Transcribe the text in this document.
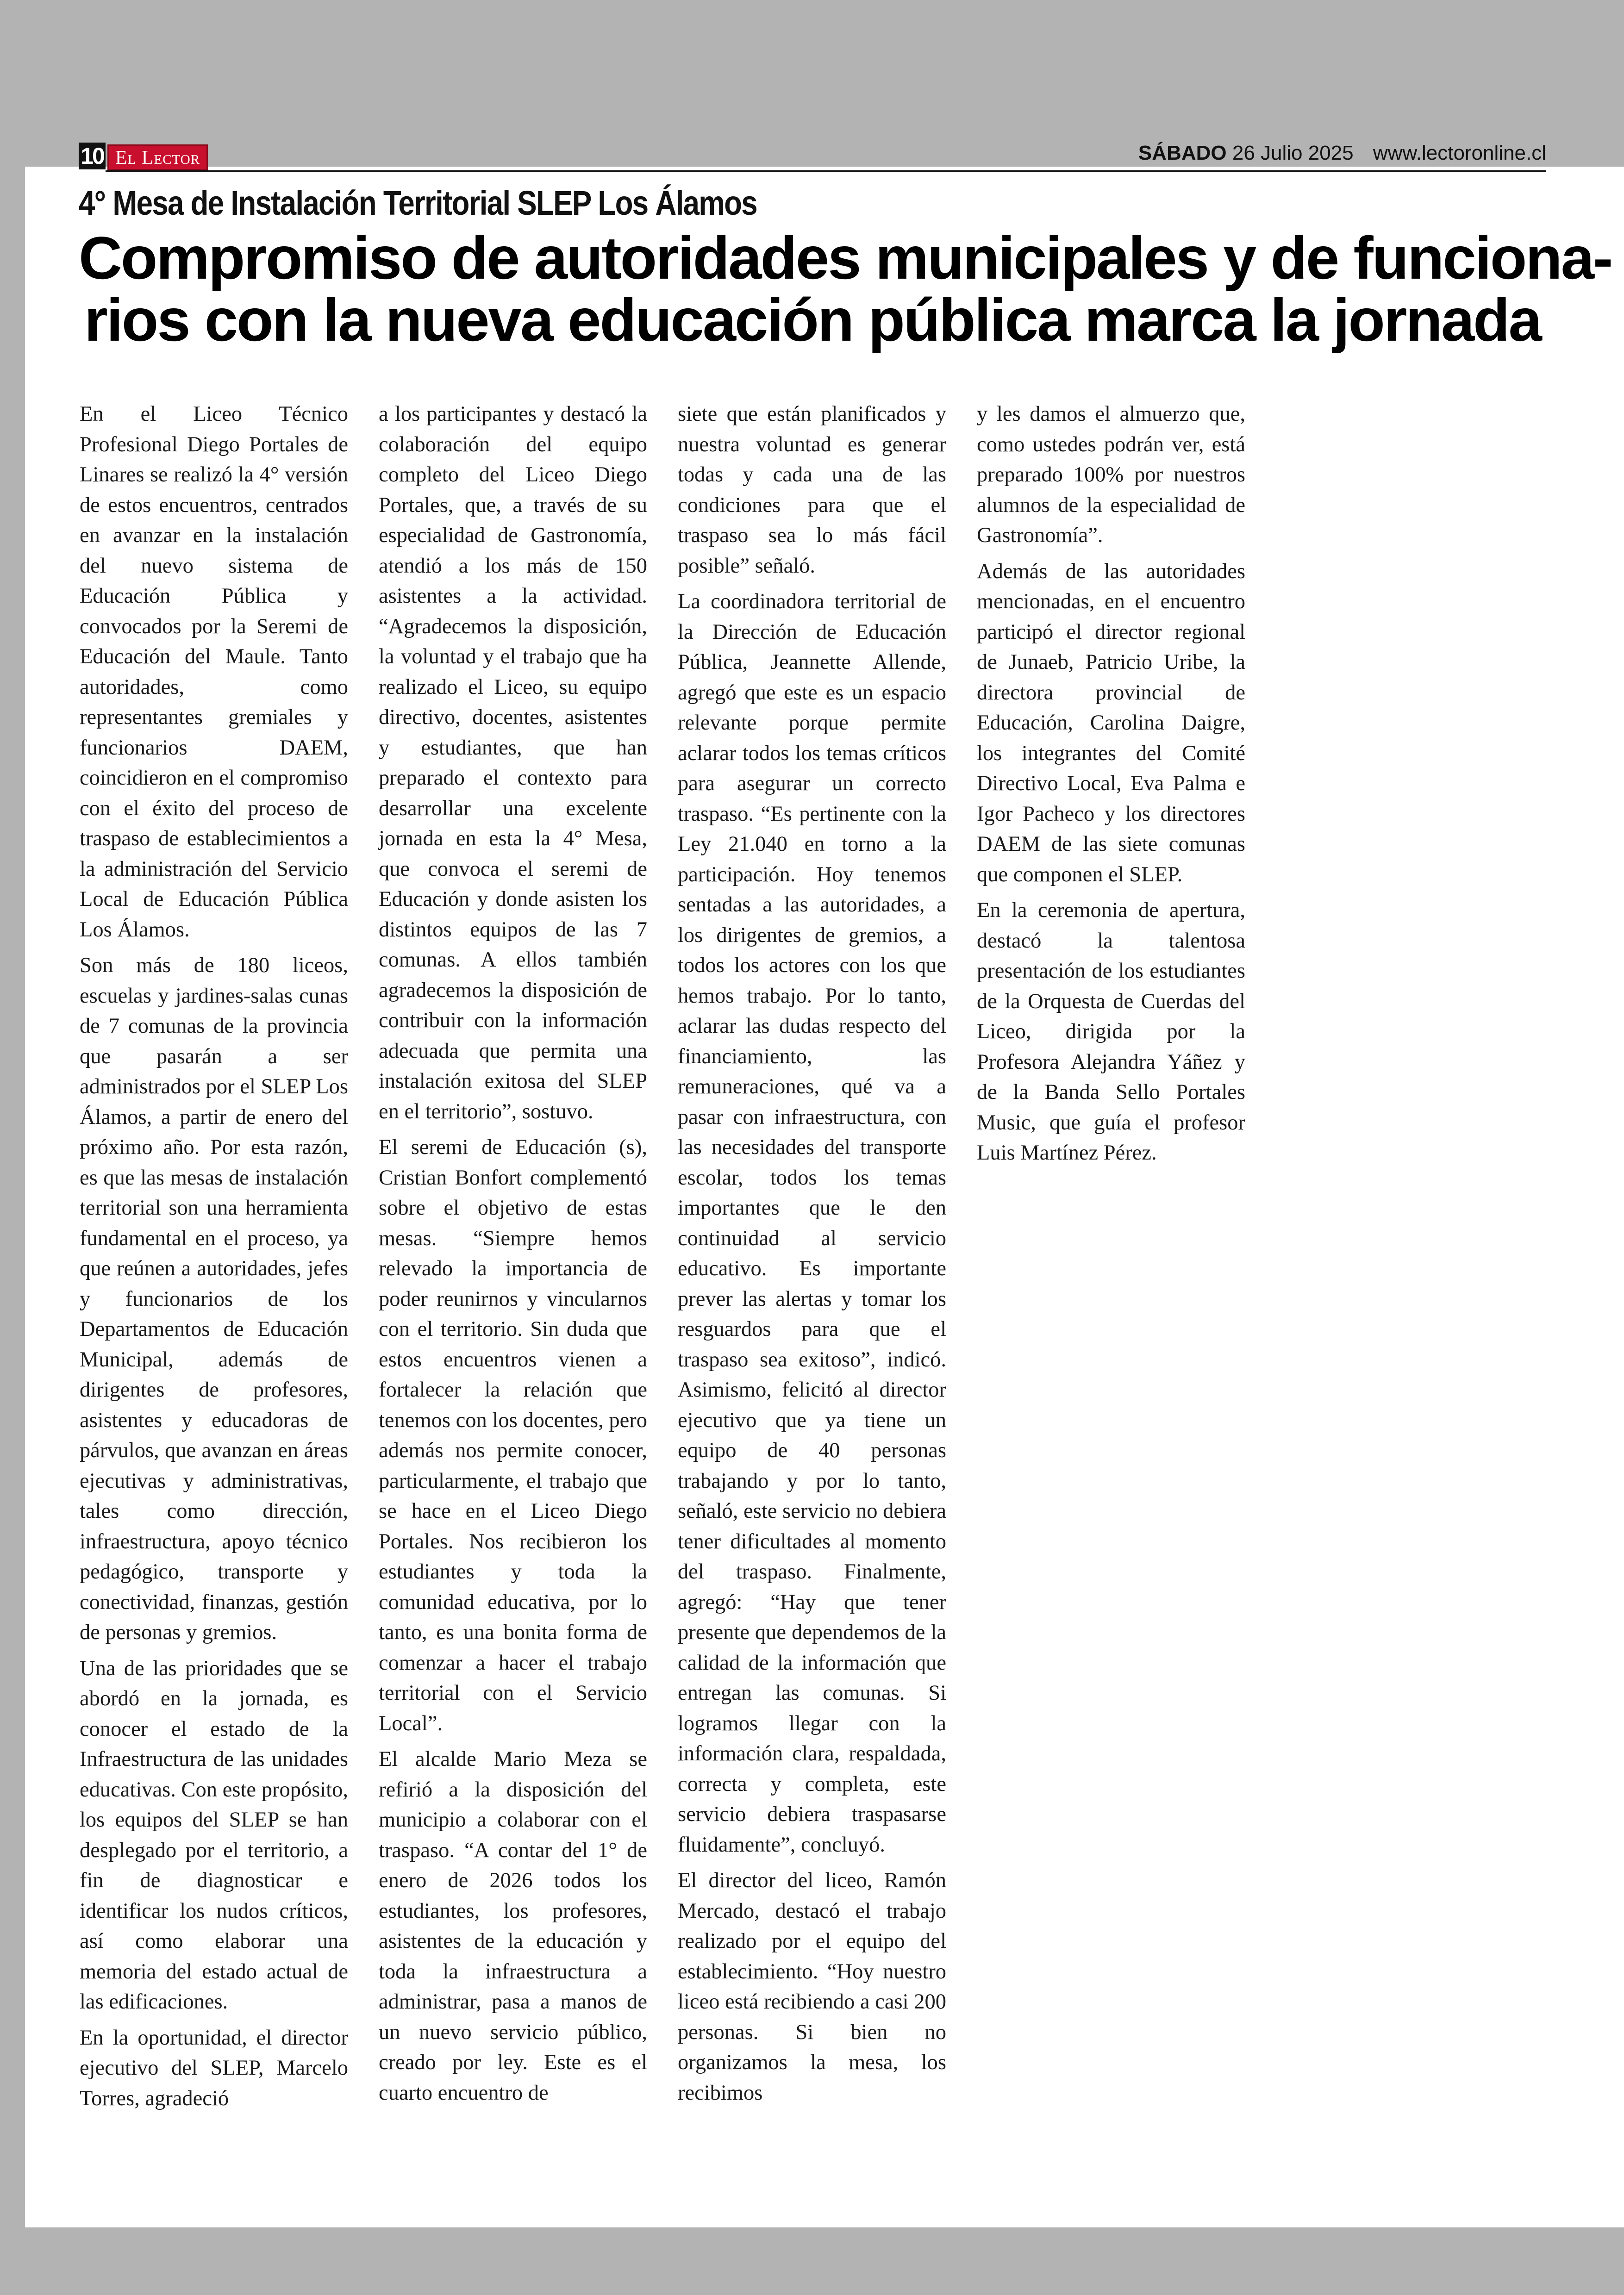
10 El Lector	SÁBADO 26 Julio 2025 www.lectoronline.cl
4° Mesa de Instalación Territorial SLEP Los Álamos
Compromiso de autoridades municipales y de funciona-
rios con la nueva educación pública marca la jornada

En el Liceo Técnico Profesional Diego Portales de Linares se realizó la 4° versión de estos encuentros, centrados en avanzar en la instalación del nuevo sistema de Educación Pública y convocados por la Seremi de Educación del Maule. Tanto autoridades, como representantes gremiales y funcionarios DAEM, coincidieron en el compromiso con el éxito del proceso de traspaso de establecimientos a la administración del Servicio Local de Educación Pública Los Álamos.

Son más de 180 liceos, escuelas y jardines-salas cunas de 7 comunas de la provincia que pasarán a ser administrados por el SLEP Los Álamos, a partir de enero del próximo año. Por esta razón, es que las mesas de instalación territorial son una herramienta fundamental en el proceso, ya que reúnen a autoridades, jefes y funcionarios de los Departamentos de Educación Municipal, además de dirigentes de profesores, asistentes y educadoras de párvulos, que avanzan en áreas ejecutivas y administrativas, tales como dirección, infraestructura, apoyo técnico pedagógico, transporte y conectividad, finanzas, gestión de personas y gremios.

Una de las prioridades que se abordó en la jornada, es conocer el estado de la Infraestructura de las unidades educativas. Con este propósito, los equipos del SLEP se han desplegado por el territorio, a fin de diagnosticar e identificar los nudos críticos, así como elaborar una memoria del estado actual de las edificaciones.

En la oportunidad, el director ejecutivo del SLEP, Marcelo Torres, agradeció

a los participantes y destacó la colaboración del equipo completo del Liceo Diego Portales, que, a través de su especialidad de Gastronomía, atendió a los más de 150 asistentes a la actividad. “Agradecemos la disposición, la voluntad y el trabajo que ha realizado el Liceo, su equipo directivo, docentes, asistentes y estudiantes, que han preparado el contexto para desarrollar una excelente jornada en esta la 4° Mesa, que convoca el seremi de Educación y donde asisten los distintos equipos de las 7 comunas. A ellos también agradecemos la disposición de contribuir con la información adecuada que permita una instalación exitosa del SLEP en el territorio”, sostuvo.

El seremi de Educación (s), Cristian Bonfort complementó sobre el objetivo de estas mesas. “Siempre hemos relevado la importancia de poder reunirnos y vincularnos con el territorio. Sin duda que estos encuentros vienen a fortalecer la relación que tenemos con los docentes, pero además nos permite conocer, particularmente, el trabajo que se hace en el Liceo Diego Portales. Nos recibieron los estudiantes y toda la comunidad educativa, por lo tanto, es una bonita forma de comenzar a hacer el trabajo territorial con el Servicio Local”.

El alcalde Mario Meza se refirió a la disposición del municipio a colaborar con el traspaso. “A contar del 1° de enero de 2026 todos los estudiantes, los profesores, asistentes de la educación y toda la infraestructura a administrar, pasa a manos de un nuevo servicio público, creado por ley. Este es el cuarto encuentro de

siete que están planificados y nuestra voluntad es generar todas y cada una de las condiciones para que el traspaso sea lo más fácil posible” señaló.

La coordinadora territorial de la Dirección de Educación Pública, Jeannette Allende, agregó que este es un espacio relevante porque permite aclarar todos los temas críticos para asegurar un correcto traspaso. “Es pertinente con la Ley 21.040 en torno a la participación. Hoy tenemos sentadas a las autoridades, a los dirigentes de gremios, a todos los actores con los que hemos trabajo. Por lo tanto, aclarar las dudas respecto del financiamiento, las remuneraciones, qué va a pasar con infraestructura, con las necesidades del transporte escolar, todos los temas importantes que le den continuidad al servicio educativo. Es importante prever las alertas y tomar los resguardos para que el traspaso sea exitoso”, indicó. Asimismo, felicitó al director ejecutivo que ya tiene un equipo de 40 personas trabajando y por lo tanto, señaló, este servicio no debiera tener dificultades al momento del traspaso. Finalmente, agregó: “Hay que tener presente que dependemos de la calidad de la información que entregan las comunas. Si logramos llegar con la información clara, respaldada, correcta y completa, este servicio debiera traspasarse fluidamente”, concluyó.

El director del liceo, Ramón Mercado, destacó el trabajo realizado por el equipo del establecimiento. “Hoy nuestro liceo está recibiendo a casi 200 personas. Si bien no organizamos la mesa, los recibimos

y les damos el almuerzo que, como ustedes podrán ver, está preparado 100% por nuestros alumnos de la especialidad de Gastronomía”.

Además de las autoridades mencionadas, en el encuentro participó el director regional de Junaeb, Patricio Uribe, la directora provincial de Educación, Carolina Daigre, los integrantes del Comité Directivo Local, Eva Palma e Igor Pacheco y los directores DAEM de las siete comunas que componen el SLEP.

En la ceremonia de apertura, destacó la talentosa presentación de los estudiantes de la Orquesta de Cuerdas del Liceo, dirigida por la Profesora Alejandra Yáñez y de la Banda Sello Portales Music, que guía el profesor Luis Martínez Pérez.
